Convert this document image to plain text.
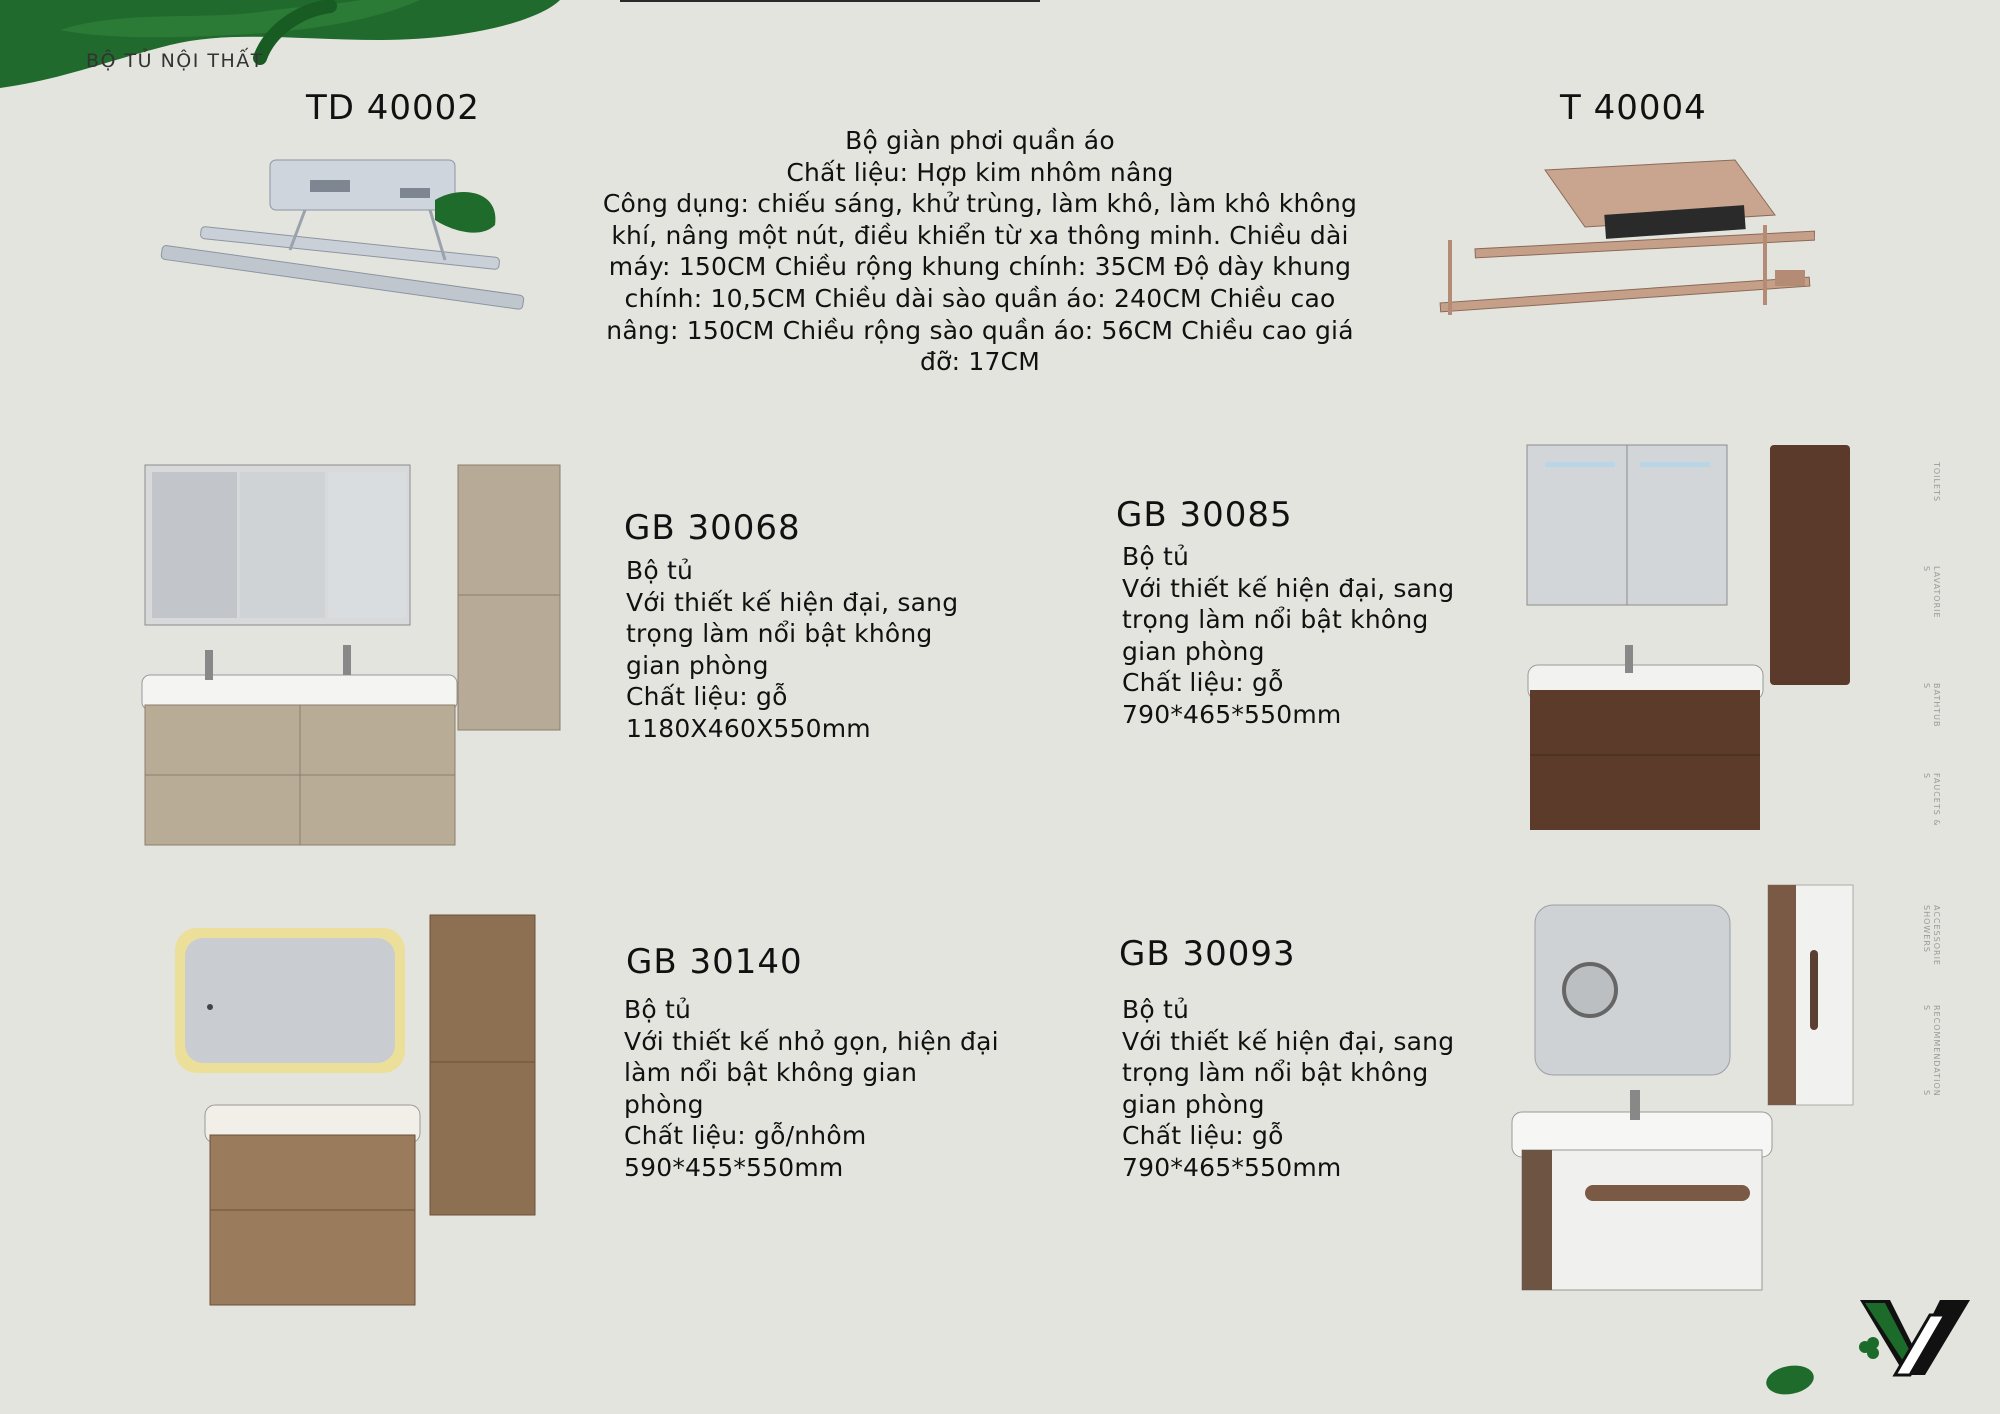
BỘ TỦ NỘI THẤT
TD 40002	T 40004

Bộ giàn phơi quần áo

Chất liệu: Hợp kim nhôm nâng

Công dụng: chiếu sáng, khử trùng, làm khô, làm khô không

khí, nâng một nút, điều khiển từ xa thông minh. Chiều dài

máy: 150CM Chiều rộng khung chính: 35CM Độ dày khung

chính: 10,5CM Chiều dài sào quần áo: 240CM Chiều cao

nâng: 150CM Chiều rộng sào quần áo: 56CM Chiều cao giá

đỡ: 17CM

GB 30068

Bộ tủ

Với thiết kế hiện đại, sang

trọng làm nổi bật không

gian phòng

Chất liệu: gỗ

1180X460X550mm

GB 30085

Bộ tủ

Với thiết kế hiện đại, sang

trọng làm nổi bật không

gian phòng

Chất liệu: gỗ

790*465*550mm

GB 30140

Bộ tủ

Với thiết kế nhỏ gọn, hiện đại

làm nổi bật không gian

phòng

Chất liệu: gỗ/nhôm

590*455*550mm

GB 30093

Bộ tủ

Với thiết kế hiện đại, sang

trọng làm nổi bật không

gian phòng

Chất liệu: gỗ

790*465*550mm

TOILETS
S LAVATORIE
S BATHTUB
S FAUCETS &
SHOWERS ACCESSORIE
S RECOMMENDATION
S
